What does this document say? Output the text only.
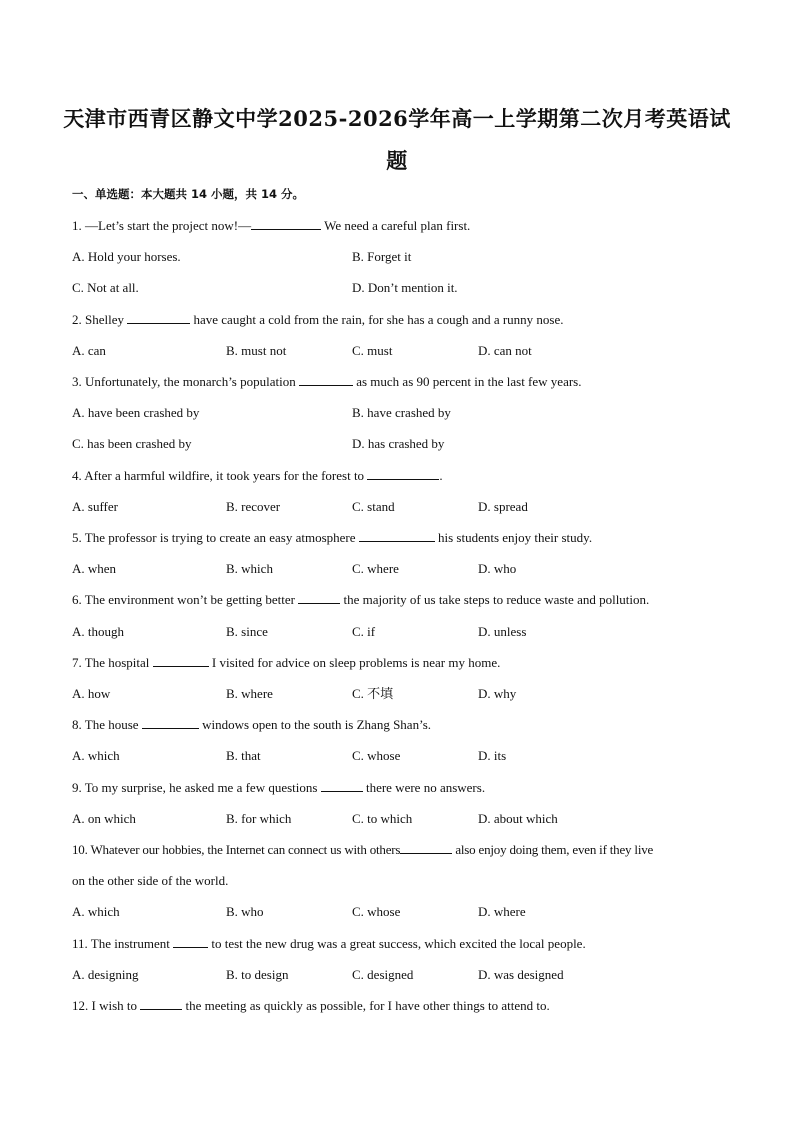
天津市西青区静文中学2025-2026学年高一上学期第二次月考英语试
题
一、单选题：本大题共 14 小题，共 14 分。
1. —Let’s start the project now!—	We need a careful plan first.
A. Hold your horses.	B. Forget it
C. Not at all.	D. Don’t mention it.
2. Shelley	have caught a cold from the rain, for she has a cough and a runny nose.
A. can	B. must not	C. must	D. can not
3. Unfortunately, the monarch’s population	as much as 90 percent in the last few years.
A. have been crashed by	B. have crashed by
C. has been crashed by	D. has crashed by
4. After a harmful wildfire, it took years for the forest to	.
A. suffer	B. recover	C. stand	D. spread
5. The professor is trying to create an easy atmosphere	his students enjoy their study.
A. when	B. which	C. where	D. who
6. The environment won’t be getting better	the majority of us take steps to reduce waste and pollution.
A. though	B. since	C. if	D. unless
7. The hospital	I visited for advice on sleep problems is near my home.
A. how	B. where	C. 不填	D. why
8. The house	windows open to the south is Zhang Shan’s.
A. which	B. that	C. whose	D. its
9. To my surprise, he asked me a few questions	there were no answers.
A. on which	B. for which	C. to which	D. about which
10. Whatever our hobbies, the Internet can connect us with others	also enjoy doing them, even if they live
on the other side of the world.
A. which	B. who	C. whose	D. where
11. The instrument	to test the new drug was a great success, which excited the local people.
A. designing	B. to design	C. designed	D. was designed
12. I wish to	the meeting as quickly as possible, for I have other things to attend to.
